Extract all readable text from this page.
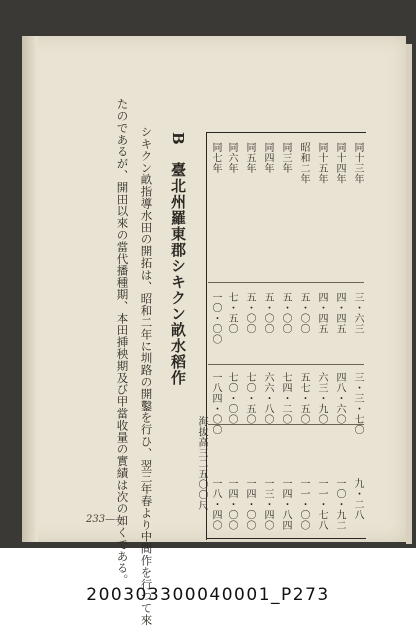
B　臺北州羅東郡シキクン畝水稻作
シキクン畝指導水田の開拓は、昭和二年に圳路の開鑿を行ひ、翌三年春より中間作を行つて來
たのであるが、開田以來の當代播種期、本田挿秧期及び甲當收量の實績は次の如くである。	海抜高三二五〇〇尺
同十三年
三・六三
三・三・七〇
九・二八
同十四年
四・四五
四八・六〇
一〇・九二
同十五年
四・四五
六三・九〇
一一・七八
昭和二年
五・〇〇
五七・五〇
一一・〇〇
同三年
五・〇〇
七四・二〇
一四・八四
同四年
五・〇〇
六六・八〇
一三・四〇
同五年
五・〇〇
七〇・五〇
一四・〇〇
同六年
七・五〇
七〇・〇〇
一四・〇〇
同七年
一〇・〇〇
一八四・〇〇
一八・四〇
233——
200303300040001_P273
